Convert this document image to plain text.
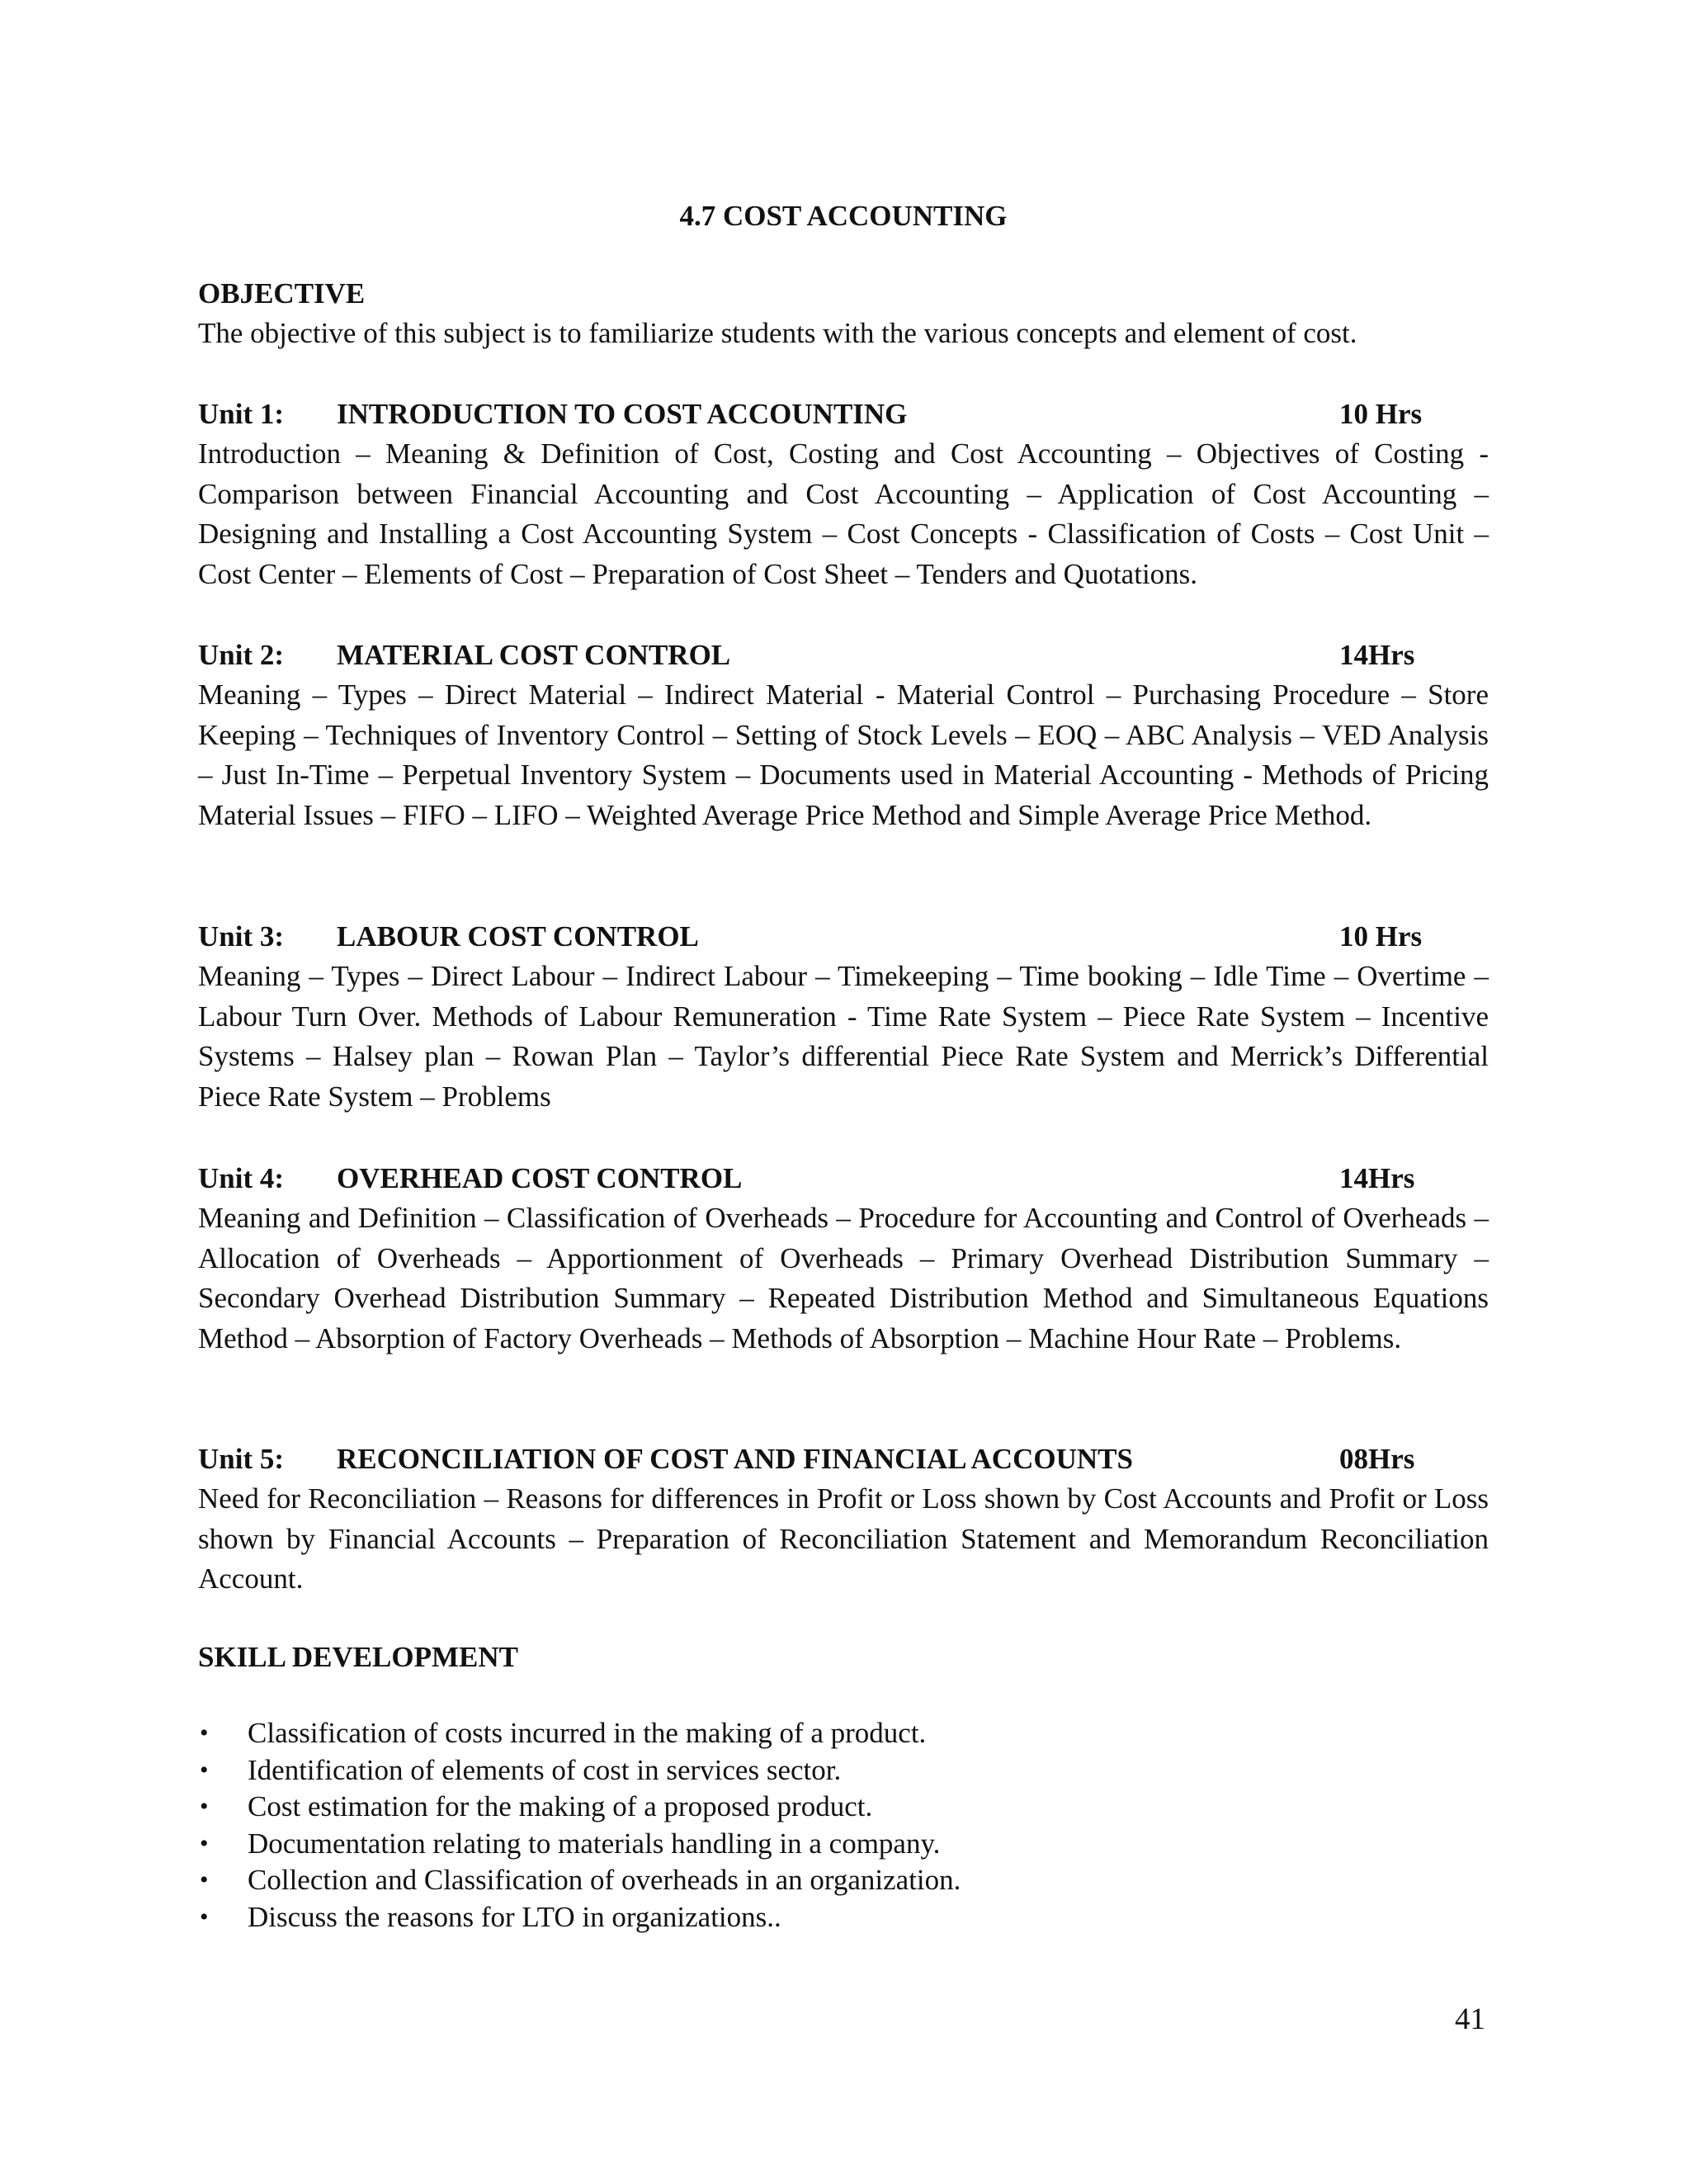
4.7 COST ACCOUNTING

OBJECTIVE

The objective of this subject is to familiarize students with the various concepts and element of cost.

Unit 1: INTRODUCTION TO COST ACCOUNTING	10 Hrs

Introduction – Meaning & Definition of Cost, Costing and Cost Accounting – Objectives of Costing - Comparison between Financial Accounting and Cost Accounting – Application of Cost Accounting – Designing and Installing a Cost Accounting System – Cost Concepts - Classification of Costs – Cost Unit – Cost Center – Elements of Cost – Preparation of Cost Sheet – Tenders and Quotations.

Unit 2: MATERIAL COST CONTROL	14Hrs

Meaning – Types – Direct Material – Indirect Material - Material Control – Purchasing Procedure – Store Keeping – Techniques of Inventory Control – Setting of Stock Levels – EOQ – ABC Analysis – VED Analysis – Just In-Time – Perpetual Inventory System – Documents used in Material Accounting - Methods of Pricing Material Issues – FIFO – LIFO – Weighted Average Price Method and Simple Average Price Method.

Unit 3: LABOUR COST CONTROL	10 Hrs

Meaning – Types – Direct Labour – Indirect Labour – Timekeeping – Time booking – Idle Time – Overtime – Labour Turn Over. Methods of Labour Remuneration - Time Rate System – Piece Rate System – Incentive Systems – Halsey plan – Rowan Plan – Taylor’s differential Piece Rate System and Merrick’s Differential Piece Rate System – Problems

Unit 4: OVERHEAD COST CONTROL	14Hrs

Meaning and Definition – Classification of Overheads – Procedure for Accounting and Control of Overheads – Allocation of Overheads – Apportionment of Overheads – Primary Overhead Distribution Summary – Secondary Overhead Distribution Summary – Repeated Distribution Method and Simultaneous Equations Method – Absorption of Factory Overheads – Methods of Absorption – Machine Hour Rate – Problems.

Unit 5: RECONCILIATION OF COST AND FINANCIAL ACCOUNTS	08Hrs

Need for Reconciliation – Reasons for differences in Profit or Loss shown by Cost Accounts and Profit or Loss shown by Financial Accounts – Preparation of Reconciliation Statement and Memorandum Reconciliation Account.

SKILL DEVELOPMENT

• Classification of costs incurred in the making of a product.
• Identification of elements of cost in services sector.
• Cost estimation for the making of a proposed product.
• Documentation relating to materials handling in a company.
• Collection and Classification of overheads in an organization.
• Discuss the reasons for LTO in organizations..
41
